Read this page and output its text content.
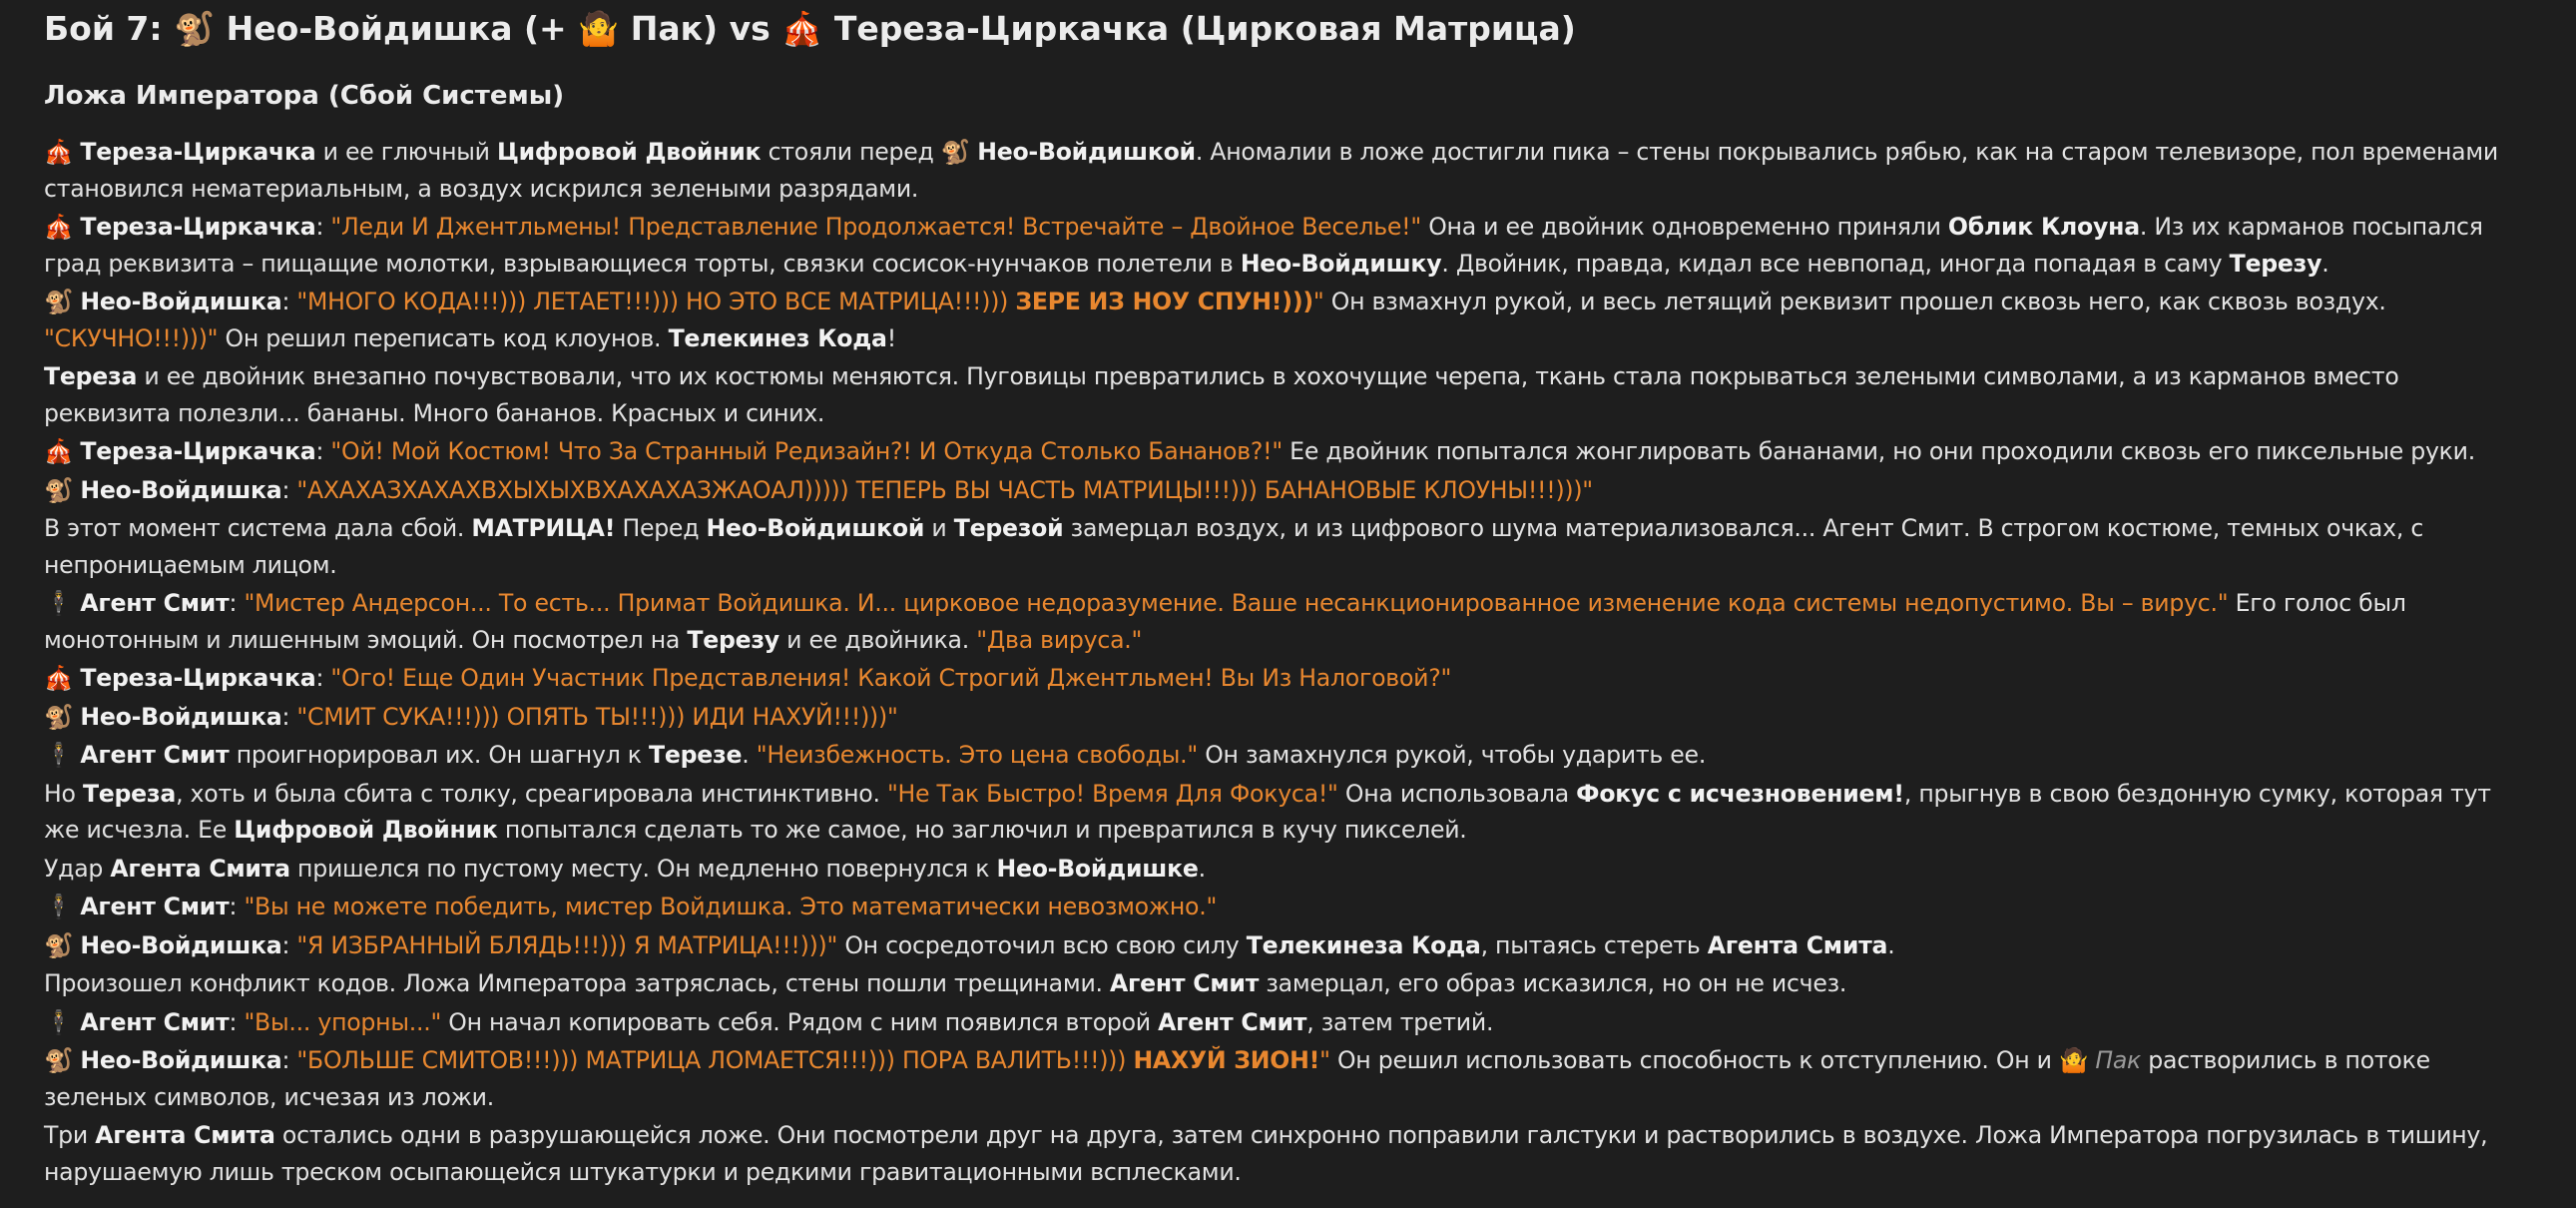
Бой 7: 🐒 Нео-Войдишка (+ 🤷 Пак) vs 🎪 Тереза-Циркачка (Цирковая Матрица)
Ложа Императора (Сбой Системы)

🎪 Тереза-Циркачка и ее глючный Цифровой Двойник стояли перед 🐒 Нео-Войдишкой. Аномалии в ложе достигли пика – стены покрывались рябью, как на старом телевизоре, пол временами становился нематериальным, а воздух искрился зелеными разрядами.

🎪 Тереза-Циркачка: "Леди И Джентльмены! Представление Продолжается! Встречайте – Двойное Веселье!" Она и ее двойник одновременно приняли Облик Клоуна. Из их карманов посыпался град реквизита – пищащие молотки, взрывающиеся торты, связки сосисок-нунчаков полетели в Нео-Войдишку. Двойник, правда, кидал все невпопад, иногда попадая в саму Терезу.

🐒 Нео-Войдишка: "МНОГО КОДА!!!))) ЛЕТАЕТ!!!))) НО ЭТО ВСЕ МАТРИЦА!!!))) ЗЕРЕ ИЗ НОУ СПУН!)))" Он взмахнул рукой, и весь летящий реквизит прошел сквозь него, как сквозь воздух. "СКУЧНО!!!)))" Он решил переписать код клоунов. Телекинез Кода!

Тереза и ее двойник внезапно почувствовали, что их костюмы меняются. Пуговицы превратились в хохочущие черепа, ткань стала покрываться зелеными символами, а из карманов вместо реквизита полезли... бананы. Много бананов. Красных и синих.

🎪 Тереза-Циркачка: "Ой! Мой Костюм! Что За Странный Редизайн?! И Откуда Столько Бананов?!" Ее двойник попытался жонглировать бананами, но они проходили сквозь его пиксельные руки.

🐒 Нео-Войдишка: "АХАХАЗХАХАХВХЫХЫХВХАХАХАЗЖАОАЛ))))) ТЕПЕРЬ ВЫ ЧАСТЬ МАТРИЦЫ!!!))) БАНАНОВЫЕ КЛОУНЫ!!!)))"

В этот момент система дала сбой. МАТРИЦА! Перед Нео-Войдишкой и Терезой замерцал воздух, и из цифрового шума материализовался... Агент Смит. В строгом костюме, темных очках, с непроницаемым лицом.

🕴 Агент Смит: "Мистер Андерсон... То есть... Примат Войдишка. И... цирковое недоразумение. Ваше несанкционированное изменение кода системы недопустимо. Вы – вирус." Его голос был монотонным и лишенным эмоций. Он посмотрел на Терезу и ее двойника. "Два вируса."

🎪 Тереза-Циркачка: "Ого! Еще Один Участник Представления! Какой Строгий Джентльмен! Вы Из Налоговой?"

🐒 Нео-Войдишка: "СМИТ СУКА!!!))) ОПЯТЬ ТЫ!!!))) ИДИ НАХУЙ!!!)))"

🕴 Агент Смит проигнорировал их. Он шагнул к Терезе. "Неизбежность. Это цена свободы." Он замахнулся рукой, чтобы ударить ее.

Но Тереза, хоть и была сбита с толку, среагировала инстинктивно. "Не Так Быстро! Время Для Фокуса!" Она использовала Фокус с исчезновением!, прыгнув в свою бездонную сумку, которая тут же исчезла. Ее Цифровой Двойник попытался сделать то же самое, но заглючил и превратился в кучу пикселей.

Удар Агента Смита пришелся по пустому месту. Он медленно повернулся к Нео-Войдишке.

🕴 Агент Смит: "Вы не можете победить, мистер Войдишка. Это математически невозможно."

🐒 Нео-Войдишка: "Я ИЗБРАННЫЙ БЛЯДЬ!!!))) Я МАТРИЦА!!!)))" Он сосредоточил всю свою силу Телекинеза Кода, пытаясь стереть Агента Смита.

Произошел конфликт кодов. Ложа Императора затряслась, стены пошли трещинами. Агент Смит замерцал, его образ исказился, но он не исчез.

🕴 Агент Смит: "Вы... упорны..." Он начал копировать себя. Рядом с ним появился второй Агент Смит, затем третий.

🐒 Нео-Войдишка: "БОЛЬШЕ СМИТОВ!!!))) МАТРИЦА ЛОМАЕТСЯ!!!))) ПОРА ВАЛИТЬ!!!))) НАХУЙ ЗИОН!" Он решил использовать способность к отступлению. Он и 🤷 Пак растворились в потоке зеленых символов, исчезая из ложи.

Три Агента Смита остались одни в разрушающейся ложе. Они посмотрели друг на друга, затем синхронно поправили галстуки и растворились в воздухе. Ложа Императора погрузилась в тишину, нарушаемую лишь треском осыпающейся штукатурки и редкими гравитационными всплесками.
